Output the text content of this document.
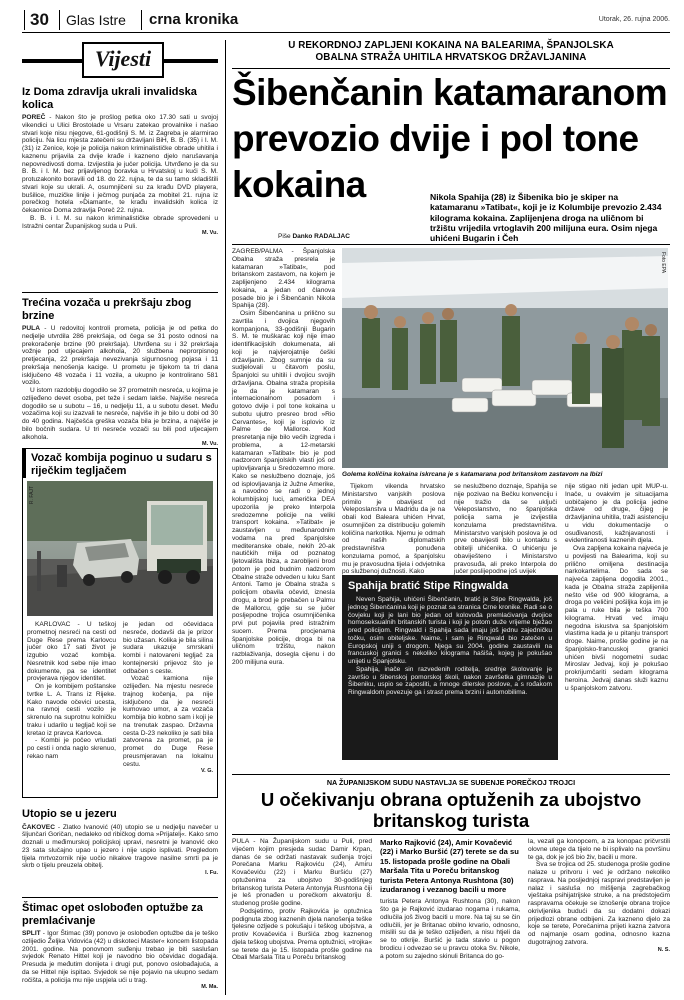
30 Glas Istre crna kronika	Utorak, 26. rujna 2006.
Vijesti
Iz Doma zdravlja ukrali invalidska kolica
POREČ - Nakon što je prošlog petka oko 17.30 sati u svojoj vikendici u Ulici Brostolade u Vrsaru zatekao provalnike i našao stvari koje nisu njegove, 61-godišnji S. M. iz Zagreba je alarmirao policiju. Na licu mjesta zatečeni su državljani BiH, B. B. (35) i I. M. (31) iz Zenice, koje je policija nakon kriminalističke obrade uhitila i kaznenu prijavila za dvije krađe i kazneno djelo narušavanja nepovredivosti doma. Izvijestila je jučer policija. Utvrđeno je da su B. B. i I. M. bez prijavljenog boravka u Hrvatskoj u kući S. M. protuzakonito boravili od 18. do 22. rujna, te da su tamo skladištili stvari koje su ukrali. A, osumnjičeni su za krađu DVD playera, bušilice, muzičke linije i ječmog punjača za mobitel 21. rujna iz porečkog hotela »Diamant«, te krađu invalidskih kolica iz čekaonice Doma zdravlja Poreč 22. rujna.
B. B. i I. M. su nakon kriminalističke obrade sprovedeni u Istražni centar Županijskog suda u Puli.
M. Vu.
Trećina vozača u prekršaju zbog brzine
PULA - U redovitoj kontroli prometa, policija je od petka do nedjelje utvrdila 286 prekršaja, od čega se 31 posto odnosi na prekoračenje brzine (90 prekršaja). Utvrđena su i 32 prekršaja vožnje pod utjecajem alkohola, 20 službena neprorpisnog pretjecanja, 22 prekršaja nevezivanja sigurnosnog pojasa i 11 prekršaja nenošenja kacige. U prometu je tijekom ta tri dana isključeno 48 vozača i 11 vozila, a ukupno je kontrolirano 581 vozilo.
U istom razdoblju dogodilo se 37 prometnih nesreća, u kojima je ozlijeđeno devet osoba, pet teže i sedam lakše. Najviše nesreća dogodilo se u subotu – 16, u nedjelju 11, a u subotu deset. Među vozačima koji su izazvali te nesreće, najviše ih je bilo u dobi od 30 do 40 godina. Najčešća greška vozača bila je brzina, a najviše je bilo bočnih sudara. U tri nesreće vozači su bili pod utjecajem alkohola.
M. Vu.
Vozač kombija poginuo u sudaru s riječkim tegljačem
R. FAJT
KARLOVAC - U teškoj prometnoj nesreći na cesti od Duge Rese prema Karlovcu jučer oko 17 sati život je izgubio vozač kombija. Nesretnik kod sebe nije imao dokumente, pa se identitet provjerava njegov identitet.
On je kombijem poštanske tvrtke L. A. Trans iz Rijeke. Kako navode očevici ucesta, na ravnoj cesti vozilo je skrenulo na suprotnu kolničku traku i udarilo u tegljač koji se kretao iz pravca Karlovca.
- Kombi je počeo vrludati po cesti i onda naglo skrenuo, rekao nam
je jedan od očevidaca nesreće, dodavši da je prizor bio užasan. Kolika je bila silina sudara ukazuje smrskani kombi i natovareni tegljač za kontejnerski prijevoz što je odbačen s ceste.
Vozač kamiona nije ozlijeđen. Na mjestu nesreće trajnog kočenja, pa nije isključeno da je nesreći kumovao umor, a za vozača kombija bio kobno sam i koji je na trenutak zaspao. Državna cesta D-23 nekoliko je sati bila zatvorena za promet, pa je promet do Duge Rese preusmjeravan na lokalnu cestu.
V. G.
Utopio se u jezeru
ČAKOVEC - Zlatko Ivanović (40) utopio se u nedjelju navečer u šljunčari Goričan, nedaleko od ribičkog doma »Prijatelj«. Kako smo doznali u međimurskoj policijskoj upravi, nesretni je Ivanović oko 23 sata slučajno upao u jezero i nije uspio isplivati. Pregledom tijela mrtvozornik nije uočio nikakve tragove nasilne smrti pa je skrb o tijelu preuzela obitelj.
I. Fu.
Štimac opet oslobođen optužbe za premlaćivanje
SPLIT - Igor Štimac (39) ponovo je oslobođen optužbe da je teško ozlijedio Željka Vidovića (42) u diskoteci Master« koncem listopada 2001. godine. Na ponovnom suđenju trebao je biti saslušan svjedok Renato Hittel koji je navodno bio očevidac događaja. Presuda je međutim donijeta i drugi put, ponovo oslobađajuća, a da se Hittel nije ispitao. Svjedok se nije pojavio na ukupno sedam ročišta, a policija mu nije uspjela ući u trag.
M. Ma.
U REKORDNOJ ZAPLJENI KOKAINA NA BALEARIMA, ŠPANJOLSKA
OBALNA STRAŽA UHITILA HRVATSKOG DRŽAVLJANINA
Šibenčanin katamaranom prevozio dvije i pol tone kokaina	Nikola Spahija (28) iz Šibenika bio je skiper na katamaranu »Tatibat«, koji je iz Kolumbije prevozio 2.434 kilograma kokaina. Zaplijenjena droga na uličnom bi tržištu vrijedila vrtoglavih 200 milijuna eura. Osim njega uhićeni Bugarin i Čeh
Piše Danko RADALJAC
ZAGREB/PALMA - Španjolska Obalna straža presrela je katamaran »Tatibat«, pod britanskom zastavom, na kojem je zaplijenjeno 2.434 kilograma kokaina, a jedan od članova posade bio je i Šibenčanin Nikola Spahija (28).
Osim Šibenčanina u prilično su zavrtila i dvojica njegovih kompanjona, 33-godišnji Bugarin S. M. te muškarac koji nije imao identifikacijskih dokumenata, ali koji je najvjerojatnije češki državljanin. Zbog sumnje da su sudjelovali u čitavom poslu, Španjolci su uhitili i dvojicu svojih državljana. Obalna straža propisila je da je katamaran s internacionalnom posadom i gotovo dvije i pol tone kokaina u subotu ujutro presreo brod »Rio Cervantes«, koji je isplovio iz Palme de Mallorce. Kod presretanja nije bilo većih izgreda i problema, a 12-metarski katamaran »Tatibat« bio je pod nadzorom španjolskih vlasti još od uplovljavanja u Sredozemno more. Kako se neslužbeno doznaje, još od isplovljavanja iz Južne Amerike, a navodno se radi o jednoj kolumbijskoj luci, američka DEA upozorila je preko Interpola sredozemne policije na veliki transport kokaina. »Tatibat« je zaustavljen u međunarodnim vodama na pred španjolske mediteranske obale, nekih 20-ak nautičkih milja od poznatog ljetovališta Ibiza, a zarobljeni brod potom je pod budnim nadzorom Obalne straže odveden u luku Sant Antoni. Tamo je Obalna straža s policijom obavila očevid, iznesla drogu, a brod je prebačen u Palmu de Mallorcu, gdje su se jučer posljepodne trojica osumnjičenika prvi put pojavila pred istražnim sucem. Prema procjenama španjolske policije, droga bi na uličnom tržištu, nakon razblaživanja, dosegla cijenu i do 200 milijuna eura.
Foto EPA
Golema količina kokaina iskrcana je s katamarana pod britanskom zastavom na Ibizi
Tijekom vikenda hrvatsko Ministarstvo vanjskih poslova primilo je obavijest od Veleposlanstva u Madridu da je na obali kod Baleara uhićen Hrvat, osumnjičen za distribuciju golemih količina narkotika. Njemu je odmah od naših diplomatskih predstavništva ponuđena konzularna pomoć, a španjolsku mu je pravosudna tijela i odvjetnika po službenoj dužnosti. Kako
se neslužbeno doznaje, Spahija se nije pozivao na Bečku konvenciju i nije tražio da se uključi Veleposlanstvo, no španjolska policija sama je izvijestila konzularna predstavništva. Ministarstvo vanjskih poslova je od prve obavijesti bilo u kontaktu s obitelji uhićenika. O uhićenju je obaviješteno i Ministarstvo pravosuđa, ali preko Interpola do jučer poslijepodne još uvijek
nije stigao niti jedan upit MUP-u. Inače, u ovakvim je situacijama uobičajeno je da policija jedne države od druge, čijeg je državljanina uhitila, traži asistenciju u vidu dokumentacije o osuđivanosti, kažnjavanosti i evidentiranosti kaznenih djela.
Ova zapljena kokaina najveća je u povijesti na Balearima, koji su prilično omiljena destinacija narkokartelima. Do sada se najveća zapljena dogodila 2001., kada je Obalna straža zaplijenila nešto više od 900 kilograma, a droga po veličini pošiljka koja im je pala u ruke bila je teška 700 kilograma. Hrvati već imaju negodna iskustva sa španjolskim vlastima kada je u pitanju transport droge. Naime, prošle godine je na španjolsko-francuskoj granici uhićen bivši nogometni sudac Miroslav Jedvaj, koji je pokušao prokrijumčariti sedam kilograma heroina. Jedvaj danas služi kaznu u španjolskom zatvoru.
Spahija bratić Stipe Ringwalda
Neven Spahija, uhićeni Šibenčanin, bratić je Stipe Ringwalda, još jednog Šibenčanina koji je poznat sa stranica Crne kronike. Radi se o čovjeku koji je lani bio jedan od kolovođa premlaćivanja dvojice homoseksualnih britanskih turista i koji je potom duže vrijeme bježao pred policijom. Ringwald i Spahija sada imaju još jednu zajedničku točku, osim obiteljske. Naime, i sam je Ringwald bio zatečen u Europskoj uniji s drogom. Njega su 2004. godine zaustavili na francuskoj granici s nekoliko kilograma hašiša, kojeg je pokušao unijeti u Španjolsku.
Spahija, inače sin razvedenih roditelja, srednje školovanje je završio u šibenskoj pomorskoj školi, nakon završetka gimnazije u Šibeniku, uspio se zaposliti, a mnoge dilerske poslove, a s rođakom Ringwaldom povezuje ga i strast prema brzini i automobilima.
NA ŽUPANIJSKOM SUDU NASTAVLJA SE SUĐENJE POREČKOJ TROJCI
U očekivanju obrana optuženih za ubojstvo britanskog turista
PULA - Na Županijskom sudu u Puli, pred vijećem kojim presjeda sudac Damir Krpan, danas će se održati nastavak suđenja trojci Porečana Marku Rajkoviću (24), Amiru Kovačeviću (22) i Marku Buršiću (27) optuženima za ubojstvo 30-godišnjeg britanskog turista Petera Antonyja Rushtona čiji je leš pronađen u porečkom akvatoriju 8. studenog prošle godine.
Podsjetimo, protiv Rajkovića je optužnica podignuta zbog kaznenih djela nanošenja teške tjelesne ozljede s pokušaju i teškog ubojstva, a protiv Kovačevića i Buršića zbog kaznenog djela teškog ubojstva. Prema optužnici, »trojka« se terete da je 15. listopada prošle godine na Obali Maršala Tita u Poreču britanskog
Marko Rajković (24), Amir Kovačević (22) i Marko Buršić (27) terete se da su 15. listopada prošle godine na Obali Maršala Tita u Poreču britanskog turista Petera Antonya Rushtona (30) izudaranog i vezanog bacili u more
turista Petera Antonya Rushtona (30), nakon što ga je Rajković izudarao nogama i rukama, odlučila još živog baciti u more. Na taj su se čin odlučili, jer je Britanac obilno krvario, odnosno, mislili su da je teško ozlijeđen, a nisu htjeli da se to otkrije. Buršić je tada stavio u pogon brodicu i odvezao se u pravcu otoka Sv. Nikole, a potom su zajedno skinuli Britanca do go-
la, vezali ga konopcem, a za konopac pričvrstili olovne utege da tijelo ne bi isplivalo na površinu te ga, dok je još bio živ, bacili u more.
Sva se trojica od 25. studenoga prošle godine nalaze u pritvoru i već je održano nekoliko rasprava. Na posljednjoj raspravi predstavljen je nalaz i sasluša no mišljenja zagrebačkog vještaka psihijatrijske struke, a na predstojećim raspravama očekuje se iznošenje obrana trojice okrivljenika budući da su dodatni dokazi prijedlozi obrane odbijeni. Za kazneno djelo za koje se terete, Porečanima prijeti kazna zatvora od najmanje osam godina, odnosno kazna dugotrajnog zatvora.
N. S.
